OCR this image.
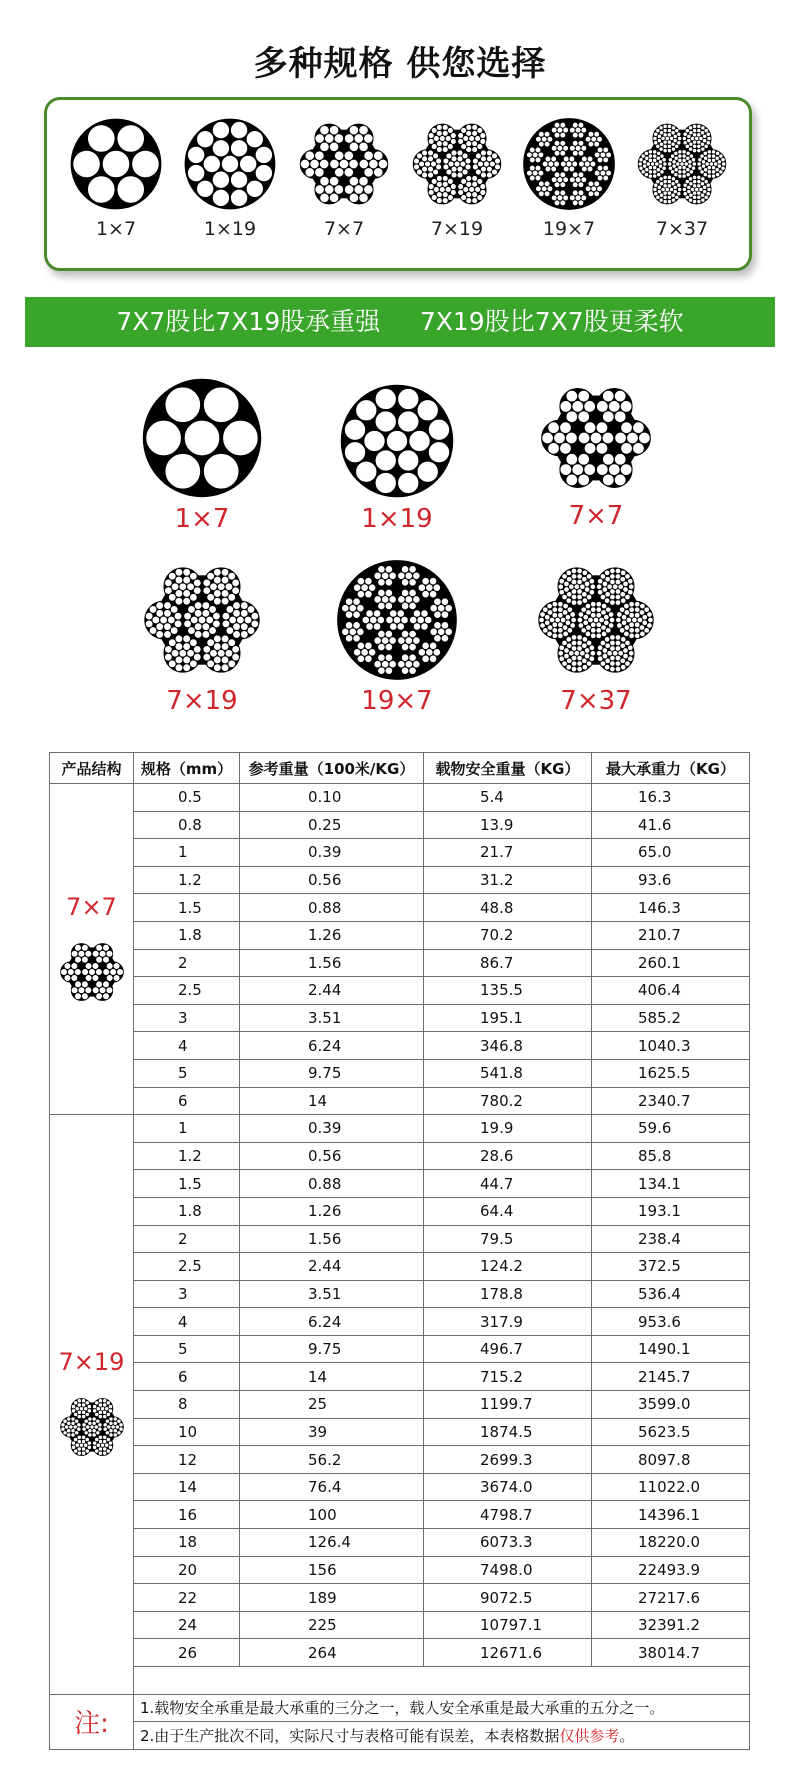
多种规格 供您选择
1×7	1×19	7×7	7×19	19×7	7×37
7X7股比7X19股承重强     7X19股比7X7股更柔软
1×7	1×19	7×7
7×19	19×7	7×37
产品结构	规格（mm）	参考重量（100米/KG）	载物安全重量（KG）	最大承重力（KG）

7×7	0.5	0.10	5.4	16.3
	0.8	0.25	13.9	41.6
	1	0.39	21.7	65.0
	1.2	0.56	31.2	93.6
	1.5	0.88	48.8	146.3
	1.8	1.26	70.2	210.7
	2	1.56	86.7	260.1
	2.5	2.44	135.5	406.4
	3	3.51	195.1	585.2
	4	6.24	346.8	1040.3
	5	9.75	541.8	1625.5
	6	14	780.2	2340.7

7×19	1	0.39	19.9	59.6
	1.2	0.56	28.6	85.8
	1.5	0.88	44.7	134.1
	1.8	1.26	64.4	193.1
	2	1.56	79.5	238.4
	2.5	2.44	124.2	372.5
	3	3.51	178.8	536.4
	4	6.24	317.9	953.6
	5	9.75	496.7	1490.1
	6	14	715.2	2145.7
	8	25	1199.7	3599.0
	10	39	1874.5	5623.5
	12	56.2	2699.3	8097.8
	14	76.4	3674.0	11022.0
	16	100	4798.7	14396.1
	18	126.4	6073.3	18220.0
	20	156	7498.0	22493.9
	22	189	9072.5	27217.6
	24	225	10797.1	32391.2
	26	264	12671.6	38014.7

注:	1.载物安全承重是最大承重的三分之一，载人安全承重是最大承重的五分之一。			
	2.由于生产批次不同，实际尺寸与表格可能有误差，本表格数据仅供参考。			
